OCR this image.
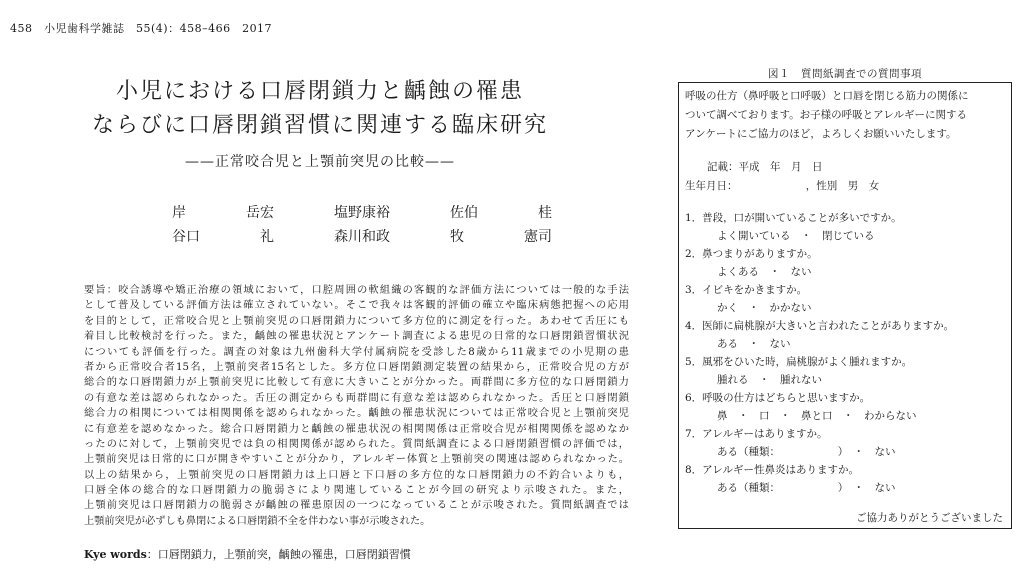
458　小児歯科学雑誌　55(4)：458–466　2017
小児における口唇閉鎖力と齲蝕の罹患
ならびに口唇閉鎖習慣に関連する臨床研究
——正常咬合児と上顎前突児の比較——
岸	岳宏	塩野康裕	佐伯	桂
谷口	礼	森川和政	牧	憲司
要旨：咬合誘導や矯正治療の領域において，口腔周囲の軟組織の客観的な評価方法については一般的な手法
として普及している評価方法は確立されていない。そこで我々は客観的評価の確立や臨床病態把握への応用
を目的として，正常咬合児と上顎前突児の口唇閉鎖力について多方位的に測定を行った。あわせて舌圧にも
着目し比較検討を行った。また，齲蝕の罹患状況とアンケート調査による患児の日常的な口唇閉鎖習慣状況
についても評価を行った。調査の対象は九州歯科大学付属病院を受診した8歳から11歳までの小児期の患
者から正常咬合者15名，上顎前突者15名とした。多方位口唇閉鎖測定装置の結果から，正常咬合児の方が
総合的な口唇閉鎖力が上顎前突児に比較して有意に大きいことが分かった。両群間に多方位的な口唇閉鎖力
の有意な差は認められなかった。舌圧の測定からも両群間に有意な差は認められなかった。舌圧と口唇閉鎖
総合力の相関については相関関係を認められなかった。齲蝕の罹患状況については正常咬合児と上顎前突児
に有意差を認めなかった。総合口唇閉鎖力と齲蝕の罹患状況の相関関係は正常咬合児が相関関係を認めなか
ったのに対して，上顎前突児では負の相関関係が認められた。質問紙調査による口唇閉鎖習慣の評価では，
上顎前突児は日常的に口が開きやすいことが分かり，アレルギー体質と上顎前突の関連は認められなかった。
以上の結果から，上顎前突児の口唇閉鎖力は上口唇と下口唇の多方位的な口唇閉鎖力の不釣合いよりも，
口唇全体の総合的な口唇閉鎖力の脆弱さにより関連していることが今回の研究より示唆された。また，
上顎前突児は口唇閉鎖力の脆弱さが齲蝕の罹患原因の一つになっていることが示唆された。質問紙調査では
上顎前突児が必ずしも鼻閉による口唇閉鎖不全を伴わない事が示唆された。
Kye words：口唇閉鎖力，上顎前突，齲蝕の罹患，口唇閉鎖習慣
図１　質問紙調査での質問事項
呼吸の仕方（鼻呼吸と口呼吸）と口唇を閉じる筋力の関係に
ついて調べております。お子様の呼吸とアレルギーに関する
アンケートにご協力のほど，よろしくお願いいたします。
記載：平成　年　月　日
生年月日：　　　　　　　，性別　男　女
1．普段，口が開いていることが多いですか。
よく開いている　・　閉じている
2．鼻つまりがありますか。
よくある　・　ない
3．イビキをかきますか。
かく　・　かかない
4．医師に扁桃腺が大きいと言われたことがありますか。
ある　・　ない
5．風邪をひいた時，扁桃腺がよく腫れますか。
腫れる　・　腫れない
6．呼吸の仕方はどちらと思いますか。
鼻　・　口　・　鼻と口　・　わからない
7．アレルギーはありますか。
ある（種類：　　　　　　）　・　ない
8．アレルギー性鼻炎はありますか。
ある（種類：　　　　　　）　・　ない
ご協力ありがとうございました
